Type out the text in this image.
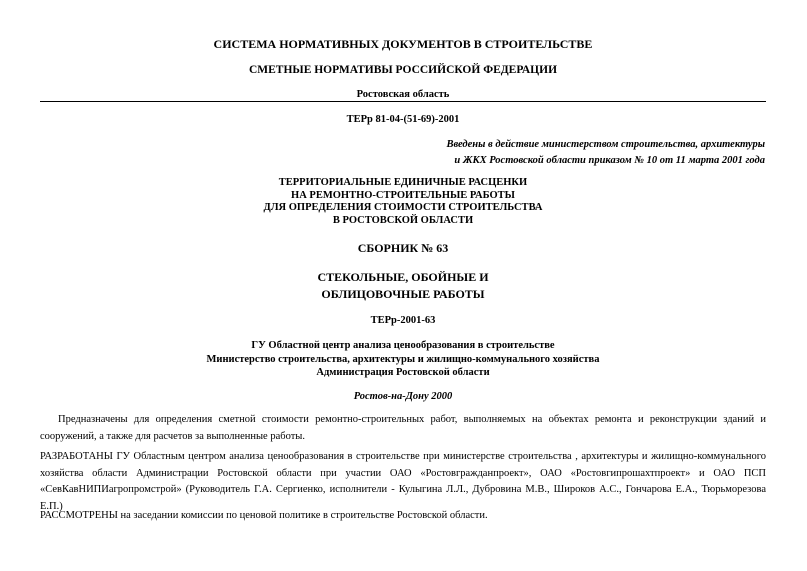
СИСТЕМА НОРМАТИВНЫХ ДОКУМЕНТОВ В СТРОИТЕЛЬСТВЕ
СМЕТНЫЕ НОРМАТИВЫ РОССИЙСКОЙ ФЕДЕРАЦИИ
Ростовская область
ТЕРр 81-04-(51-69)-2001
Введены в действие министерством строительства, архитектуры
и ЖКХ Ростовской области приказом № 10 от 11 марта 2001 года
ТЕРРИТОРИАЛЬНЫЕ ЕДИНИЧНЫЕ РАСЦЕНКИ
НА РЕМОНТНО-СТРОИТЕЛЬНЫЕ РАБОТЫ
ДЛЯ ОПРЕДЕЛЕНИЯ СТОИМОСТИ СТРОИТЕЛЬСТВА
В РОСТОВСКОЙ ОБЛАСТИ
СБОРНИК № 63
СТЕКОЛЬНЫЕ, ОБОЙНЫЕ И
ОБЛИЦОВОЧНЫЕ РАБОТЫ
ТЕРр-2001-63
ГУ Областной центр анализа ценообразования в строительстве
Министерство строительства, архитектуры и жилищно-коммунального хозяйства
Администрация Ростовской области
Ростов-на-Дону 2000

Предназначены для определения сметной стоимости ремонтно-строительных работ, выполняемых на объектах ремонта и реконструкции зданий и сооружений, а также для расчетов за выполненные работы.

РАЗРАБОТАНЫ ГУ Областным центром анализа ценообразования в строительстве при министерстве строительства , архитектуры и жилищно-коммунального хозяйства области Администрации Ростовской области при участии ОАО «Ростовгражданпроект», ОАО «Ростовгипрошахтпроект» и ОАО ПСП «СевКавНИПИагропромстрой» (Руководитель Г.А. Сергиенко, исполнители - Кулыгина Л.Л., Дубровина М.В., Широков А.С., Гончарова Е.А., Тюрьморезова Е.П.)

РАССМОТРЕНЫ на заседании комиссии по ценовой политике в строительстве Ростовской области.
